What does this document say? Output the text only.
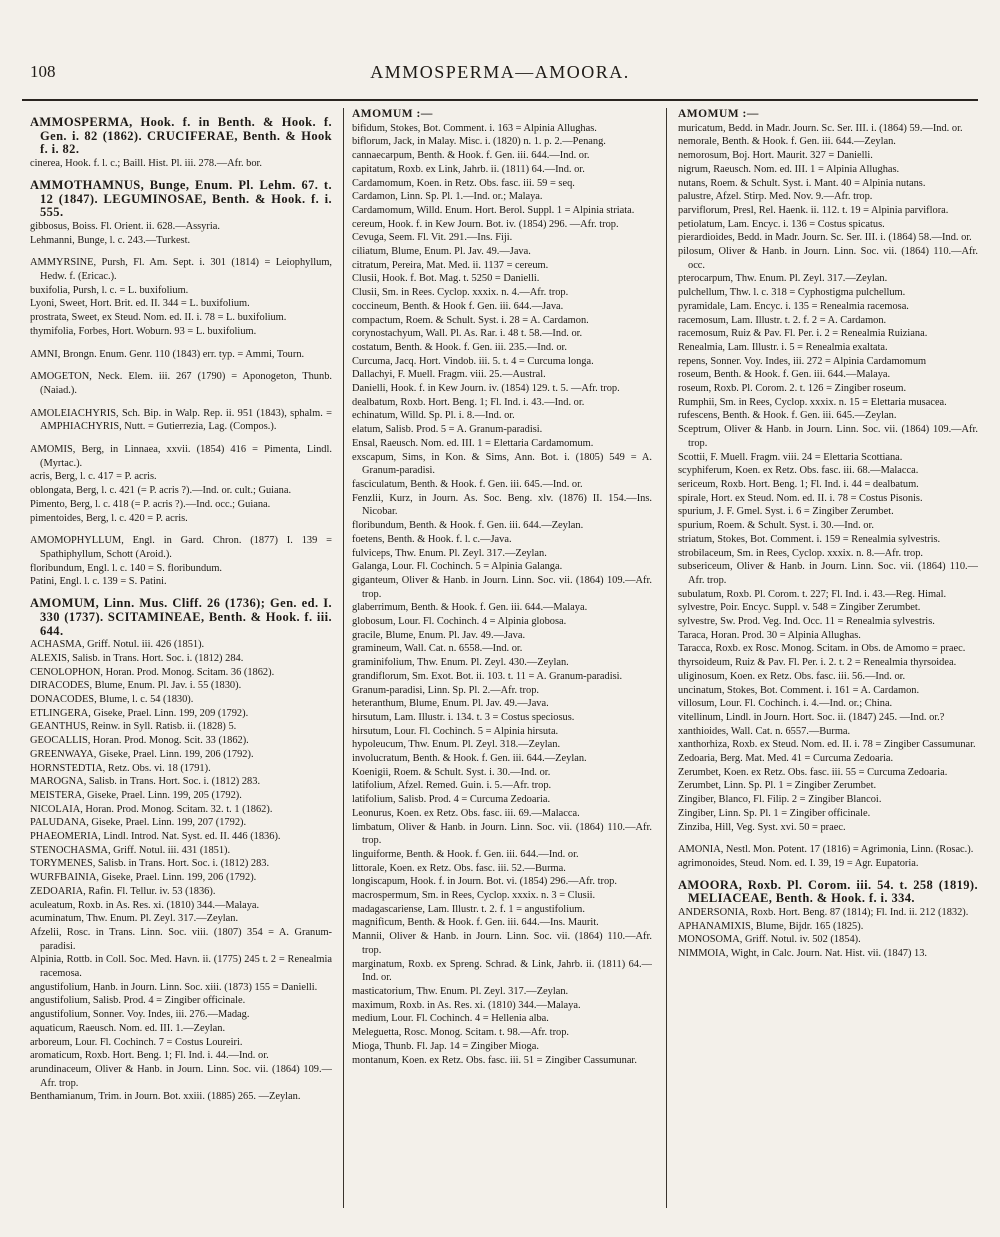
108	AMMOSPERMA—AMOORA.
AMMOSPERMA, Hook. f. in Benth. & Hook. f. Gen. i. 82 (1862). CRUCIFERAE, Benth. & Hook f. i. 82.
cinerea, Hook. f. l. c.; Baill. Hist. Pl. iii. 278.—Afr. bor.
AMMOTHAMNUS, Bunge, Enum. Pl. Lehm. 67. t. 12 (1847). LEGUMINOSAE, Benth. & Hook. f. i. 555.
gibbosus, Boiss. Fl. Orient. ii. 628.—Assyria.
Lehmanni, Bunge, l. c. 243.—Turkest.
AMMYRSINE, Pursh, Fl. Am. Sept. i. 301 (1814) = Leiophyllum, Hedw. f. (Ericac.).
buxifolia, Pursh, l. c. = L. buxifolium.
Lyoni, Sweet, Hort. Brit. ed. II. 344 = L. buxifolium.
prostrata, Sweet, ex Steud. Nom. ed. II. i. 78 = L. buxifolium.
thymifolia, Forbes, Hort. Woburn. 93 = L. buxifolium.
AMNI, Brongn. Enum. Genr. 110 (1843) err. typ. = Ammi, Tourn.
AMOGETON, Neck. Elem. iii. 267 (1790) = Aponogeton, Thunb. (Naiad.).
AMOLEIACHYRIS, Sch. Bip. in Walp. Rep. ii. 951 (1843), sphalm. = AMPHIACHYRIS, Nutt. = Gutierrezia, Lag. (Compos.).
AMOMIS, Berg, in Linnaea, xxvii. (1854) 416 = Pimenta, Lindl. (Myrtac.).
acris, Berg, l. c. 417 = P. acris.
oblongata, Berg, l. c. 421 (= P. acris ?).—Ind. or. cult.; Guiana.
Pimento, Berg, l. c. 418 (= P. acris ?).—Ind. occ.; Guiana.
pimentoides, Berg, l. c. 420 = P. acris.
AMOMOPHYLLUM, Engl. in Gard. Chron. (1877) I. 139 = Spathiphyllum, Schott (Aroid.).
floribundum, Engl. l. c. 140 = S. floribundum.
Patini, Engl. l. c. 139 = S. Patini.
AMOMUM, Linn. Mus. Cliff. 26 (1736); Gen. ed. I. 330 (1737). SCITAMINEAE, Benth. & Hook. f. iii. 644.
ACHASMA, Griff. Notul. iii. 426 (1851).
ALEXIS, Salisb. in Trans. Hort. Soc. i. (1812) 284.
CENOLOPHON, Horan. Prod. Monog. Scitam. 36 (1862).
DIRACODES, Blume, Enum. Pl. Jav. i. 55 (1830).
DONACODES, Blume, l. c. 54 (1830).
ETLINGERA, Giseke, Prael. Linn. 199, 209 (1792).
GEANTHUS, Reinw. in Syll. Ratisb. ii. (1828) 5.
GEOCALLIS, Horan. Prod. Monog. Scit. 33 (1862).
GREENWAYA, Giseke, Prael. Linn. 199, 206 (1792).
HORNSTEDTIA, Retz. Obs. vi. 18 (1791).
MAROGNA, Salisb. in Trans. Hort. Soc. i. (1812) 283.
MEISTERA, Giseke, Prael. Linn. 199, 205 (1792).
NICOLAIA, Horan. Prod. Monog. Scitam. 32. t. 1 (1862).
PALUDANA, Giseke, Prael. Linn. 199, 207 (1792).
PHAEOMERIA, Lindl. Introd. Nat. Syst. ed. II. 446 (1836).
STENOCHASMA, Griff. Notul. iii. 431 (1851).
TORYMENES, Salisb. in Trans. Hort. Soc. i. (1812) 283.
WURFBAINIA, Giseke, Prael. Linn. 199, 206 (1792).
ZEDOARIA, Rafin. Fl. Tellur. iv. 53 (1836).
aculeatum, Roxb. in As. Res. xi. (1810) 344.—Malaya.
acuminatum, Thw. Enum. Pl. Zeyl. 317.—Zeylan.
Afzelii, Rosc. in Trans. Linn. Soc. viii. (1807) 354 = A. Granum-paradisi.
Alpinia, Rottb. in Coll. Soc. Med. Havn. ii. (1775) 245 t. 2 = Renealmia racemosa.
angustifolium, Hanb. in Journ. Linn. Soc. xiii. (1873) 155 = Danielli.
angustifolium, Salisb. Prod. 4 = Zingiber officinale.
angustifolium, Sonner. Voy. Indes, iii. 276.—Madag.
aquaticum, Raeusch. Nom. ed. III. 1.—Zeylan.
arboreum, Lour. Fl. Cochinch. 7 = Costus Loureiri.
aromaticum, Roxb. Hort. Beng. 1; Fl. Ind. i. 44.—Ind. or.
arundinaceum, Oliver & Hanb. in Journ. Linn. Soc. vii. (1864) 109.—Afr. trop.
Benthamianum, Trim. in Journ. Bot. xxiii. (1885) 265. —Zeylan.
AMOMUM :—
bifidum, Stokes, Bot. Comment. i. 163 = Alpinia Allughas.
biflorum, Jack, in Malay. Misc. i. (1820) n. 1. p. 2.—Penang.
cannaecarpum, Benth. & Hook. f. Gen. iii. 644.—Ind. or.
capitatum, Roxb. ex Link, Jahrb. ii. (1811) 64.—Ind. or.
Cardamomum, Koen. in Retz. Obs. fasc. iii. 59 = seq.
Cardamon, Linn. Sp. Pl. 1.—Ind. or.; Malaya.
Cardamomum, Willd. Enum. Hort. Berol. Suppl. 1 = Alpinia striata.
cereum, Hook. f. in Kew Journ. Bot. iv. (1854) 296. —Afr. trop.
Cevuga, Seem. Fl. Vit. 291.—Ins. Fiji.
ciliatum, Blume, Enum. Pl. Jav. 49.—Java.
citratum, Pereira, Mat. Med. ii. 1137 = cereum.
Clusii, Hook. f. Bot. Mag. t. 5250 = Danielli.
Clusii, Sm. in Rees. Cyclop. xxxix. n. 4.—Afr. trop.
coccineum, Benth. & Hook f. Gen. iii. 644.—Java.
compactum, Roem. & Schult. Syst. i. 28 = A. Cardamon.
corynostachyum, Wall. Pl. As. Rar. i. 48 t. 58.—Ind. or.
costatum, Benth. & Hook. f. Gen. iii. 235.—Ind. or.
Curcuma, Jacq. Hort. Vindob. iii. 5. t. 4 = Curcuma longa.
Dallachyi, F. Muell. Fragm. viii. 25.—Austral.
Danielli, Hook. f. in Kew Journ. iv. (1854) 129. t. 5. —Afr. trop.
dealbatum, Roxb. Hort. Beng. 1; Fl. Ind. i. 43.—Ind. or.
echinatum, Willd. Sp. Pl. i. 8.—Ind. or.
elatum, Salisb. Prod. 5 = A. Granum-paradisi.
Ensal, Raeusch. Nom. ed. III. 1 = Elettaria Cardamomum.
exscapum, Sims, in Kon. & Sims, Ann. Bot. i. (1805) 549 = A. Granum-paradisi.
fasciculatum, Benth. & Hook. f. Gen. iii. 645.—Ind. or.
Fenzlii, Kurz, in Journ. As. Soc. Beng. xlv. (1876) II. 154.—Ins. Nicobar.
floribundum, Benth. & Hook. f. Gen. iii. 644.—Zeylan.
foetens, Benth. & Hook. f. l. c.—Java.
fulviceps, Thw. Enum. Pl. Zeyl. 317.—Zeylan.
Galanga, Lour. Fl. Cochinch. 5 = Alpinia Galanga.
giganteum, Oliver & Hanb. in Journ. Linn. Soc. vii. (1864) 109.—Afr. trop.
glaberrimum, Benth. & Hook. f. Gen. iii. 644.—Malaya.
globosum, Lour. Fl. Cochinch. 4 = Alpinia globosa.
gracile, Blume, Enum. Pl. Jav. 49.—Java.
gramineum, Wall. Cat. n. 6558.—Ind. or.
graminifolium, Thw. Enum. Pl. Zeyl. 430.—Zeylan.
grandiflorum, Sm. Exot. Bot. ii. 103. t. 11 = A. Granum-paradisi.
Granum-paradisi, Linn. Sp. Pl. 2.—Afr. trop.
heteranthum, Blume, Enum. Pl. Jav. 49.—Java.
hirsutum, Lam. Illustr. i. 134. t. 3 = Costus speciosus.
hirsutum, Lour. Fl. Cochinch. 5 = Alpinia hirsuta.
hypoleucum, Thw. Enum. Pl. Zeyl. 318.—Zeylan.
involucratum, Benth. & Hook. f. Gen. iii. 644.—Zeylan.
Koenigii, Roem. & Schult. Syst. i. 30.—Ind. or.
latifolium, Afzel. Remed. Guin. i. 5.—Afr. trop.
latifolium, Salisb. Prod. 4 = Curcuma Zedoaria.
Leonurus, Koen. ex Retz. Obs. fasc. iii. 69.—Malacca.
limbatum, Oliver & Hanb. in Journ. Linn. Soc. vii. (1864) 110.—Afr. trop.
linguiforme, Benth. & Hook. f. Gen. iii. 644.—Ind. or.
littorale, Koen. ex Retz. Obs. fasc. iii. 52.—Burma.
longiscapum, Hook. f. in Journ. Bot. vi. (1854) 296.—Afr. trop.
macrospermum, Sm. in Rees, Cyclop. xxxix. n. 3 = Clusii.
madagascariense, Lam. Illustr. t. 2. f. 1 = angustifolium.
magnificum, Benth. & Hook. f. Gen. iii. 644.—Ins. Maurit.
Mannii, Oliver & Hanb. in Journ. Linn. Soc. vii. (1864) 110.—Afr. trop.
marginatum, Roxb. ex Spreng. Schrad. & Link, Jahrb. ii. (1811) 64.—Ind. or.
masticatorium, Thw. Enum. Pl. Zeyl. 317.—Zeylan.
maximum, Roxb. in As. Res. xi. (1810) 344.—Malaya.
medium, Lour. Fl. Cochinch. 4 = Hellenia alba.
Meleguetta, Rosc. Monog. Scitam. t. 98.—Afr. trop.
Mioga, Thunb. Fl. Jap. 14 = Zingiber Mioga.
montanum, Koen. ex Retz. Obs. fasc. iii. 51 = Zingiber Cassumunar.
AMOMUM :—
muricatum, Bedd. in Madr. Journ. Sc. Ser. III. i. (1864) 59.—Ind. or.
nemorale, Benth. & Hook. f. Gen. iii. 644.—Zeylan.
nemorosum, Boj. Hort. Maurit. 327 = Danielli.
nigrum, Raeusch. Nom. ed. III. 1 = Alpinia Allughas.
nutans, Roem. & Schult. Syst. i. Mant. 40 = Alpinia nutans.
palustre, Afzel. Stirp. Med. Nov. 9.—Afr. trop.
parviflorum, Presl, Rel. Haenk. ii. 112. t. 19 = Alpinia parviflora.
petiolatum, Lam. Encyc. i. 136 = Costus spicatus.
pierardioides, Bedd. in Madr. Journ. Sc. Ser. III. i. (1864) 58.—Ind. or.
pilosum, Oliver & Hanb. in Journ. Linn. Soc. vii. (1864) 110.—Afr. occ.
pterocarpum, Thw. Enum. Pl. Zeyl. 317.—Zeylan.
pulchellum, Thw. l. c. 318 = Cyphostigma pulchellum.
pyramidale, Lam. Encyc. i. 135 = Renealmia racemosa.
racemosum, Lam. Illustr. t. 2. f. 2 = A. Cardamon.
racemosum, Ruiz & Pav. Fl. Per. i. 2 = Renealmia Ruiziana.
Renealmia, Lam. Illustr. i. 5 = Renealmia exaltata.
repens, Sonner. Voy. Indes, iii. 272 = Alpinia Cardamomum
roseum, Benth. & Hook. f. Gen. iii. 644.—Malaya.
roseum, Roxb. Pl. Corom. 2. t. 126 = Zingiber roseum.
Rumphii, Sm. in Rees, Cyclop. xxxix. n. 15 = Elettaria musacea.
rufescens, Benth. & Hook. f. Gen. iii. 645.—Zeylan.
Sceptrum, Oliver & Hanb. in Journ. Linn. Soc. vii. (1864) 109.—Afr. trop.
Scottii, F. Muell. Fragm. viii. 24 = Elettaria Scottiana.
scyphiferum, Koen. ex Retz. Obs. fasc. iii. 68.—Malacca.
sericeum, Roxb. Hort. Beng. 1; Fl. Ind. i. 44 = dealbatum.
spirale, Hort. ex Steud. Nom. ed. II. i. 78 = Costus Pisonis.
spurium, J. F. Gmel. Syst. i. 6 = Zingiber Zerumbet.
spurium, Roem. & Schult. Syst. i. 30.—Ind. or.
striatum, Stokes, Bot. Comment. i. 159 = Renealmia sylvestris.
strobilaceum, Sm. in Rees, Cyclop. xxxix. n. 8.—Afr. trop.
subsericeum, Oliver & Hanb. in Journ. Linn. Soc. vii. (1864) 110.—Afr. trop.
subulatum, Roxb. Pl. Corom. t. 227; Fl. Ind. i. 43.—Reg. Himal.
sylvestre, Poir. Encyc. Suppl. v. 548 = Zingiber Zerumbet.
sylvestre, Sw. Prod. Veg. Ind. Occ. 11 = Renealmia sylvestris.
Taraca, Horan. Prod. 30 = Alpinia Allughas.
Taracca, Roxb. ex Rosc. Monog. Scitam. in Obs. de Amomo = praec.
thyrsoideum, Ruiz & Pav. Fl. Per. i. 2. t. 2 = Renealmia thyrsoidea.
uliginosum, Koen. ex Retz. Obs. fasc. iii. 56.—Ind. or.
uncinatum, Stokes, Bot. Comment. i. 161 = A. Cardamon.
villosum, Lour. Fl. Cochinch. i. 4.—Ind. or.; China.
vitellinum, Lindl. in Journ. Hort. Soc. ii. (1847) 245. —Ind. or.?
xanthioides, Wall. Cat. n. 6557.—Burma.
xanthorhiza, Roxb. ex Steud. Nom. ed. II. i. 78 = Zingiber Cassumunar.
Zedoaria, Berg. Mat. Med. 41 = Curcuma Zedoaria.
Zerumbet, Koen. ex Retz. Obs. fasc. iii. 55 = Curcuma Zedoaria.
Zerumbet, Linn. Sp. Pl. 1 = Zingiber Zerumbet.
Zingiber, Blanco, Fl. Filip. 2 = Zingiber Blancoi.
Zingiber, Linn. Sp. Pl. 1 = Zingiber officinale.
Zinziba, Hill, Veg. Syst. xvi. 50 = praec.
AMONIA, Nestl. Mon. Potent. 17 (1816) = Agrimonia, Linn. (Rosac.).
agrimonoides, Steud. Nom. ed. I. 39, 19 = Agr. Eupatoria.
AMOORA, Roxb. Pl. Corom. iii. 54. t. 258 (1819). MELIACEAE, Benth. & Hook. f. i. 334.
ANDERSONIA, Roxb. Hort. Beng. 87 (1814); Fl. Ind. ii. 212 (1832).
APHANAMIXIS, Blume, Bijdr. 165 (1825).
MONOSOMA, Griff. Notul. iv. 502 (1854).
NIMMOIA, Wight, in Calc. Journ. Nat. Hist. vii. (1847) 13.
